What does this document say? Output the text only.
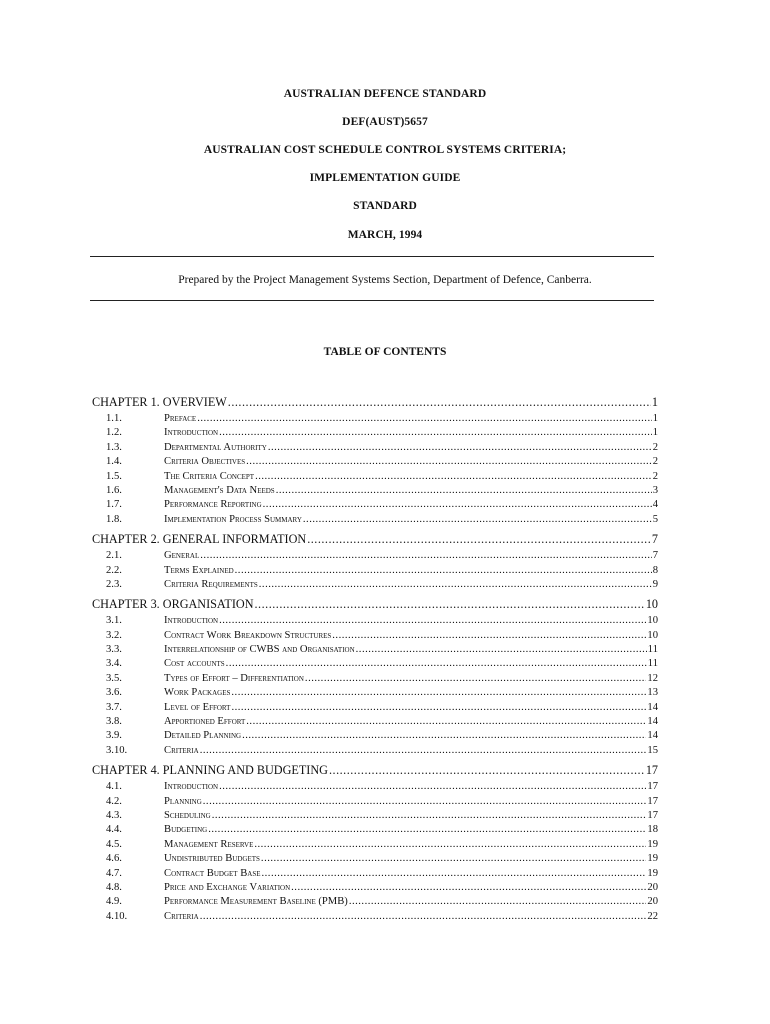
AUSTRALIAN DEFENCE STANDARD
DEF(AUST)5657
AUSTRALIAN COST SCHEDULE CONTROL SYSTEMS CRITERIA;
IMPLEMENTATION GUIDE
STANDARD
MARCH, 1994
Prepared by the Project Management Systems Section, Department of Defence, Canberra.
TABLE OF CONTENTS
CHAPTER 1. OVERVIEW .....	1
1.1.	Preface .....	1
1.2.	Introduction .....	1
1.3.	Departmental Authority .....	2
1.4.	Criteria Objectives .....	2
1.5.	The Criteria Concept .....	2
1.6.	Management's Data Needs .....	3
1.7.	Performance Reporting .....	4
1.8.	Implementation Process Summary .....	5
CHAPTER 2. GENERAL INFORMATION .....	7
2.1.	General .....	7
2.2.	Terms Explained .....	8
2.3.	Criteria Requirements .....	9
CHAPTER 3. ORGANISATION .....	10
3.1.	Introduction .....	10
3.2.	Contract Work Breakdown Structures .....	10
3.3.	Interrelationship of CWBS and Organisation .....	11
3.4.	Cost accounts .....	11
3.5.	Types of Effort – Differentiation .....	12
3.6.	Work Packages .....	13
3.7.	Level of Effort .....	14
3.8.	Apportioned Effort .....	14
3.9.	Detailed Planning .....	14
3.10.	Criteria .....	15
CHAPTER 4. PLANNING AND BUDGETING .....	17
4.1.	Introduction .....	17
4.2.	Planning .....	17
4.3.	Scheduling .....	17
4.4.	Budgeting .....	18
4.5.	Management Reserve .....	19
4.6.	Undistributed Budgets .....	19
4.7.	Contract Budget Base .....	19
4.8.	Price and Exchange Variation .....	20
4.9.	Performance Measurement Baseline (PMB) .....	20
4.10.	Criteria .....	22
